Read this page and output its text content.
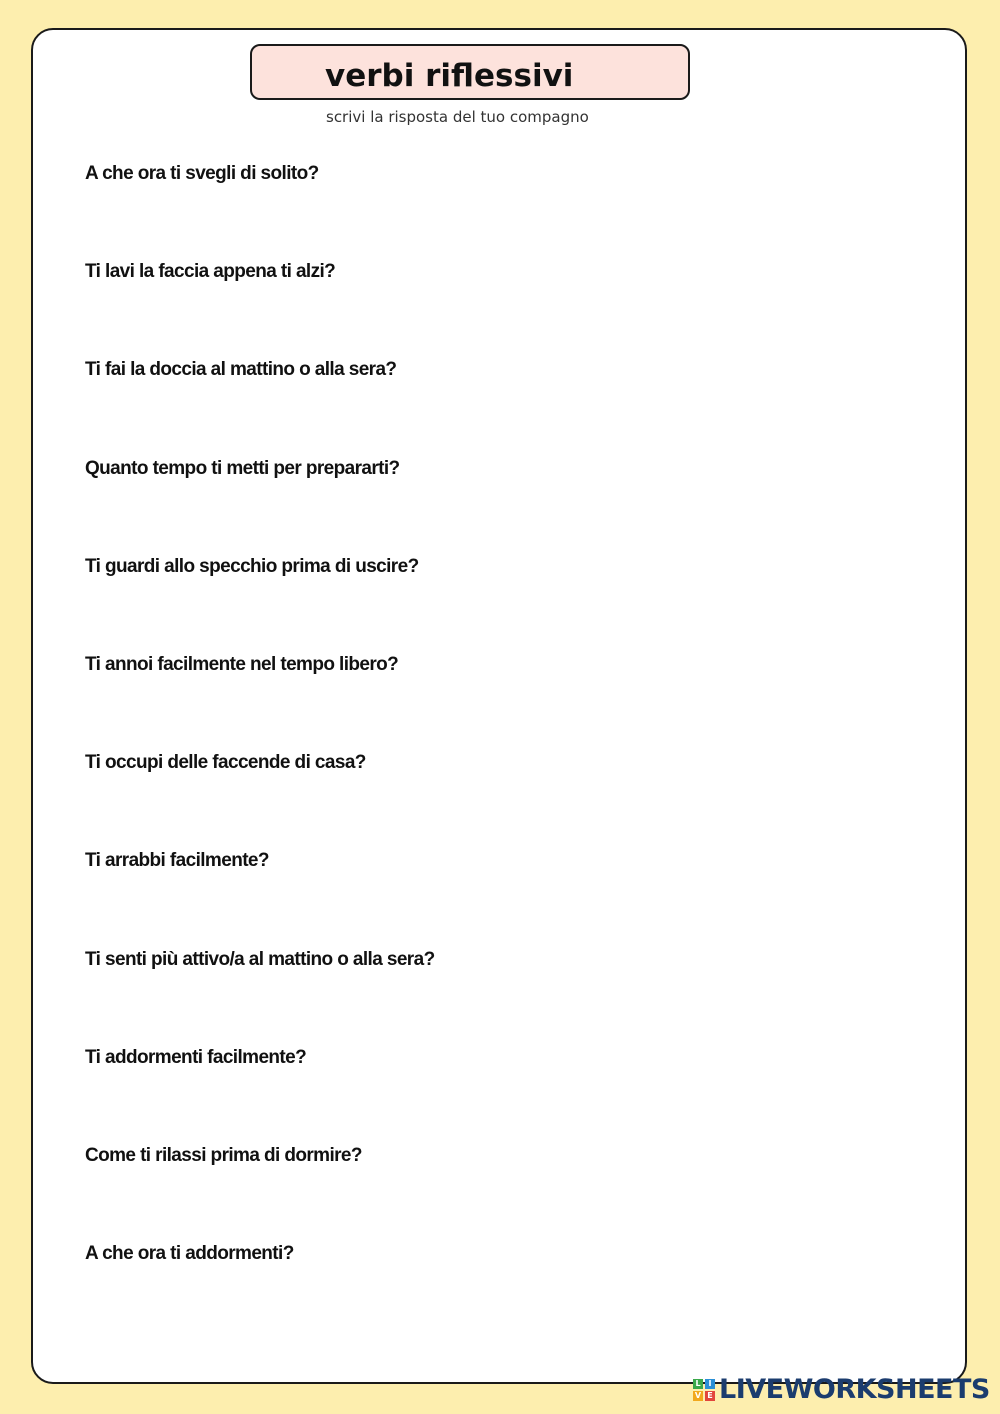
verbi riflessivi
scrivi la risposta del tuo compagno
A che ora ti svegli di solito?
Ti lavi la faccia appena ti alzi?
Ti fai la doccia al mattino o alla sera?
Quanto tempo ti metti per prepararti?
Ti guardi allo specchio prima di uscire?
Ti annoi facilmente nel tempo libero?
Ti occupi delle faccende di casa?
Ti arrabbi facilmente?
Ti senti più attivo/a al mattino o alla sera?
Ti addormenti facilmente?
Come ti rilassi prima di dormire?
A che ora ti addormenti?
L I
V E LIVEWORKSHEETS
